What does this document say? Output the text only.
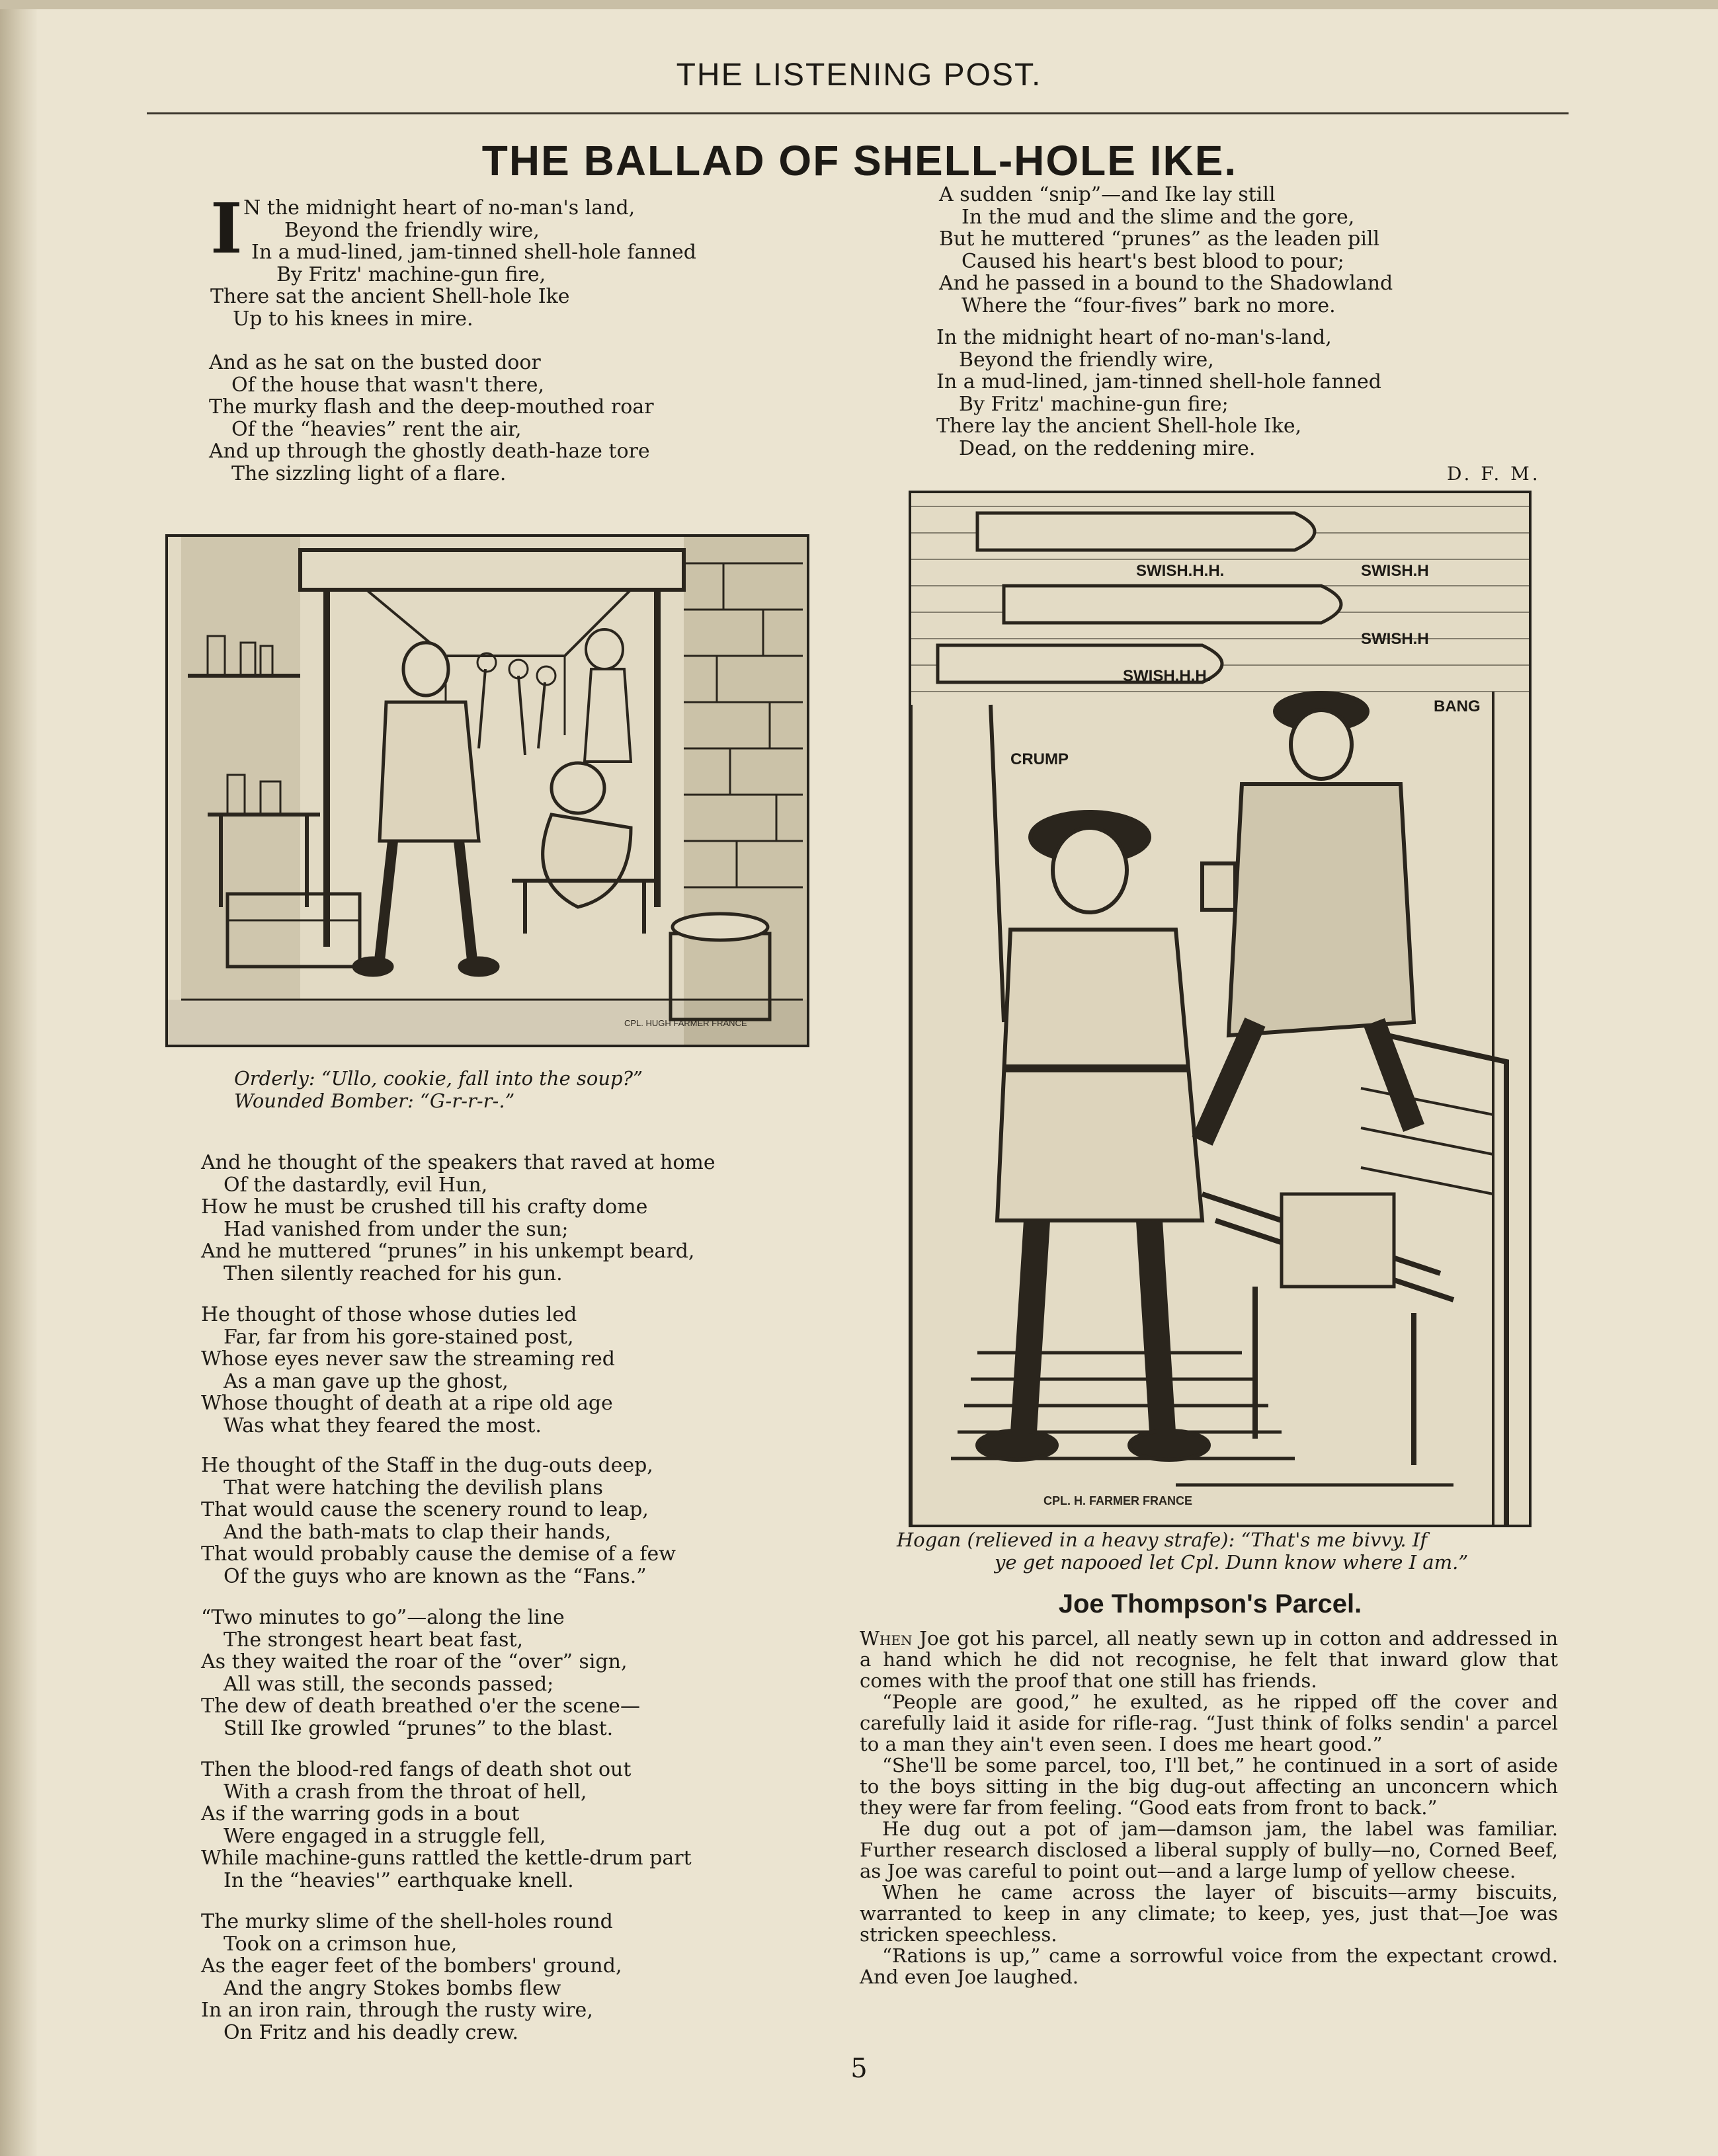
THE LISTENING POST.
THE BALLAD OF SHELL-HOLE IKE.
I N the midnight heart of no-man's land,
Beyond the friendly wire,
In a mud-lined, jam-tinned shell-hole fanned
By Fritz' machine-gun fire,
There sat the ancient Shell-hole Ike
Up to his knees in mire.
And as he sat on the busted door
Of the house that wasn't there,
The murky flash and the deep-mouthed roar
Of the “heavies” rent the air,
And up through the ghostly death-haze tore
The sizzling light of a flare.
CPL. HUGH FARMER FRANCE
Orderly: “Ullo, cookie, fall into the soup?”
Wounded Bomber: “G-r-r-r-.”
And he thought of the speakers that raved at home
Of the dastardly, evil Hun,
How he must be crushed till his crafty dome
Had vanished from under the sun;
And he muttered “prunes” in his unkempt beard,
Then silently reached for his gun.
He thought of those whose duties led
Far, far from his gore-stained post,
Whose eyes never saw the streaming red
As a man gave up the ghost,
Whose thought of death at a ripe old age
Was what they feared the most.
He thought of the Staff in the dug-outs deep,
That were hatching the devilish plans
That would cause the scenery round to leap,
And the bath-mats to clap their hands,
That would probably cause the demise of a few
Of the guys who are known as the “Fans.”
“Two minutes to go”—along the line
The strongest heart beat fast,
As they waited the roar of the “over” sign,
All was still, the seconds passed;
The dew of death breathed o'er the scene—
Still Ike growled “prunes” to the blast.
Then the blood-red fangs of death shot out
With a crash from the throat of hell,
As if the warring gods in a bout
Were engaged in a struggle fell,
While machine-guns rattled the kettle-drum part
In the “heavies'” earthquake knell.
The murky slime of the shell-holes round
Took on a crimson hue,
As the eager feet of the bombers' ground,
And the angry Stokes bombs flew
In an iron rain, through the rusty wire,
On Fritz and his deadly crew.
A sudden “snip”—and Ike lay still
In the mud and the slime and the gore,
But he muttered “prunes” as the leaden pill
Caused his heart's best blood to pour;
And he passed in a bound to the Shadowland
Where the “four-fives” bark no more.
In the midnight heart of no-man's-land,
Beyond the friendly wire,
In a mud-lined, jam-tinned shell-hole fanned
By Fritz' machine-gun fire;
There lay the ancient Shell-hole Ike,
Dead, on the reddening mire.
D. F. M.
SWISH.H.H.	SWISH.H
SWISH.H
SWISH.H.H.
CRUMP
BANG
CPL. H. FARMER FRANCE
Hogan (relieved in a heavy strafe): “That's me bivvy. If
ye get napooed let Cpl. Dunn know where I am.”
Joe Thompson's Parcel.

When Joe got his parcel, all neatly sewn up in cotton and addressed in a hand which he did not recognise, he felt that inward glow that comes with the proof that one still has friends.

“People are good,” he exulted, as he ripped off the cover and carefully laid it aside for rifle-rag. “Just think of folks sendin' a parcel to a man they ain't even seen. I does me heart good.”

“She'll be some parcel, too, I'll bet,” he continued in a sort of aside to the boys sitting in the big dug-out affecting an unconcern which they were far from feeling. “Good eats from front to back.”

He dug out a pot of jam—damson jam, the label was familiar. Further research disclosed a liberal supply of bully—no, Corned Beef, as Joe was careful to point out—and a large lump of yellow cheese.

When he came across the layer of biscuits—army biscuits, warranted to keep in any climate; to keep, yes, just that—Joe was stricken speechless.

“Rations is up,” came a sorrowful voice from the expectant crowd. And even Joe laughed.

5
